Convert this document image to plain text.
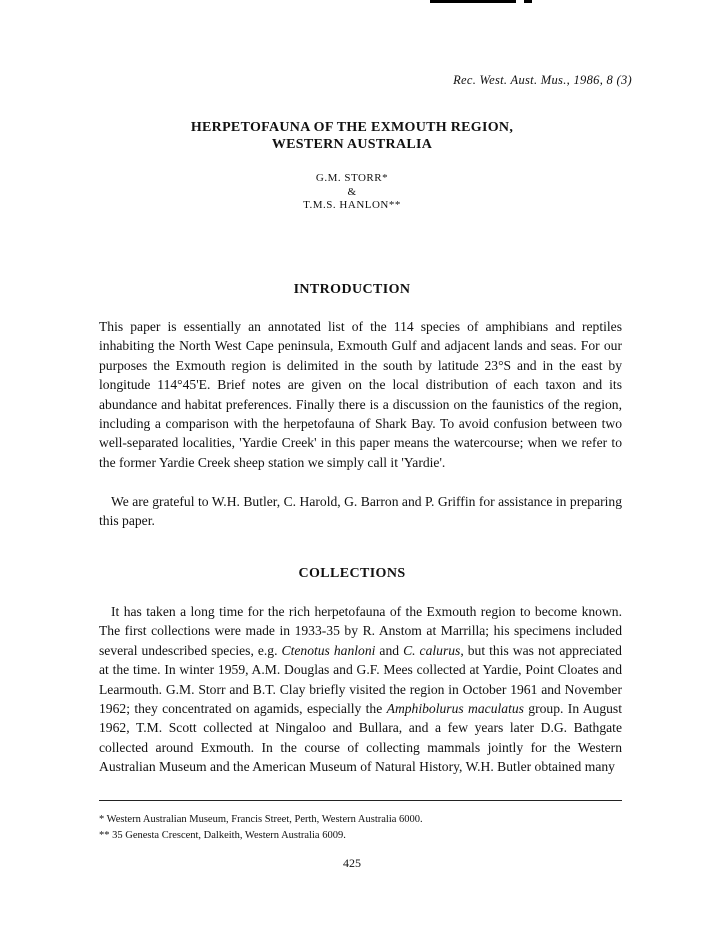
Rec. West. Aust. Mus., 1986, 8 (3)
HERPETOFAUNA OF THE EXMOUTH REGION,
WESTERN AUSTRALIA
G.M. STORR*
&
T.M.S. HANLON**
INTRODUCTION

This paper is essentially an annotated list of the 114 species of amphibians and reptiles inhabiting the North West Cape peninsula, Exmouth Gulf and adjacent lands and seas. For our purposes the Exmouth region is delimited in the south by latitude 23°S and in the east by longitude 114°45'E. Brief notes are given on the local distribution of each taxon and its abundance and habitat preferences. Finally there is a discussion on the faunistics of the region, including a comparison with the herpetofauna of Shark Bay. To avoid confusion between two well-separated localities, 'Yardie Creek' in this paper means the watercourse; when we refer to the former Yardie Creek sheep station we simply call it 'Yardie'.

We are grateful to W.H. Butler, C. Harold, G. Barron and P. Griffin for assistance in preparing this paper.

COLLECTIONS

It has taken a long time for the rich herpetofauna of the Exmouth region to become known. The first collections were made in 1933-35 by R. Anstom at Marrilla; his specimens included several undescribed species, e.g. Ctenotus hanloni and C. calurus, but this was not appreciated at the time. In winter 1959, A.M. Douglas and G.F. Mees collected at Yardie, Point Cloates and Learmouth. G.M. Storr and B.T. Clay briefly visited the region in October 1961 and November 1962; they concentrated on agamids, especially the Amphibolurus maculatus group. In August 1962, T.M. Scott collected at Ningaloo and Bullara, and a few years later D.G. Bathgate collected around Exmouth. In the course of collecting mammals jointly for the Western Australian Museum and the American Museum of Natural History, W.H. Butler obtained many

* Western Australian Museum, Francis Street, Perth, Western Australia 6000.
** 35 Genesta Crescent, Dalkeith, Western Australia 6009.
425
